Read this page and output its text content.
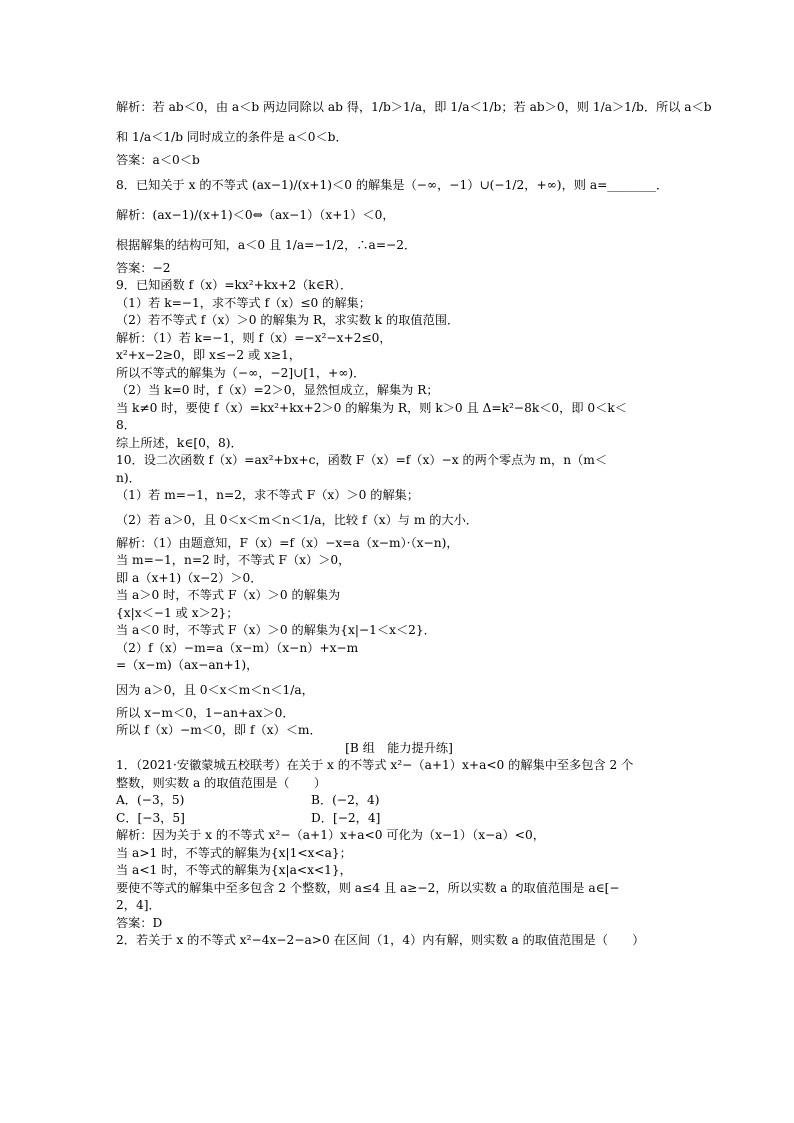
解析：若 ab＜0，由 a＜b 两边同除以 ab 得，1/b＞1/a，即 1/a＜1/b；若 ab＞0，则 1/a＞1/b．所以 a＜b
和 1/a＜1/b 同时成立的条件是 a＜0＜b．
答案：a＜0＜b
8．已知关于 x 的不等式 (ax−1)/(x+1)＜0 的解集是（−∞，−1）∪(−1/2，+∞)，则 a=________．
解析：(ax−1)/(x+1)＜0⇔（ax−1）（x+1）＜0，
根据解集的结构可知，a＜0 且 1/a=−1/2，∴a=−2．
答案：−2
9．已知函数 f（x）=kx²+kx+2（k∈R）．
（1）若 k=−1，求不等式 f（x）≤0 的解集；
（2）若不等式 f（x）＞0 的解集为 R，求实数 k 的取值范围．
解析：（1）若 k=−1，则 f（x）=−x²−x+2≤0，
x²+x−2≥0，即 x≤−2 或 x≥1，
所以不等式的解集为（−∞，−2]∪[1，+∞)．
（2）当 k=0 时，f（x）=2＞0，显然恒成立，解集为 R；
当 k≠0 时，要使 f（x）=kx²+kx+2＞0 的解集为 R，则 k＞0 且 Δ=k²−8k＜0，即 0＜k＜
8．
综上所述，k∈[0，8)．
10．设二次函数 f（x）=ax²+bx+c，函数 F（x）=f（x）−x 的两个零点为 m，n（m＜
n)．
（1）若 m=−1，n=2，求不等式 F（x）＞0 的解集；
（2）若 a＞0，且 0＜x＜m＜n＜1/a，比较 f（x）与 m 的大小．
解析：（1）由题意知，F（x）=f（x）−x=a（x−m）·（x−n)，
当 m=−1，n=2 时，不等式 F（x）＞0，
即 a（x+1)（x−2）＞0．
当 a＞0 时，不等式 F（x）＞0 的解集为
{x|x＜−1 或 x＞2}；
当 a＜0 时，不等式 F（x）＞0 的解集为{x|−1＜x＜2}．
（2）f（x）−m=a（x−m）（x−n）+x−m
=（x−m)（ax−an+1)，
因为 a＞0，且 0＜x＜m＜n＜1/a，
所以 x−m＜0，1−an+ax＞0．
所以 f（x）−m＜0，即 f（x）＜m．
[B 组　能力提升练]
1．（2021·安徽蒙城五校联考）在关于 x 的不等式 x²−（a+1）x+a<0 的解集中至多包含 2 个
整数，则实数 a 的取值范围是（　　）
A．(−3，5)	B．(−2，4)
C．[−3，5]	D．[−2，4]
解析：因为关于 x 的不等式 x²−（a+1）x+a<0 可化为（x−1）（x−a）<0，
当 a>1 时，不等式的解集为{x|1<x<a}；
当 a<1 时，不等式的解集为{x|a<x<1}，
要使不等式的解集中至多包含 2 个整数，则 a≤4 且 a≥−2，所以实数 a 的取值范围是 a∈[−
2，4]．
答案：D
2．若关于 x 的不等式 x²−4x−2−a>0 在区间（1，4）内有解，则实数 a 的取值范围是（　　）
